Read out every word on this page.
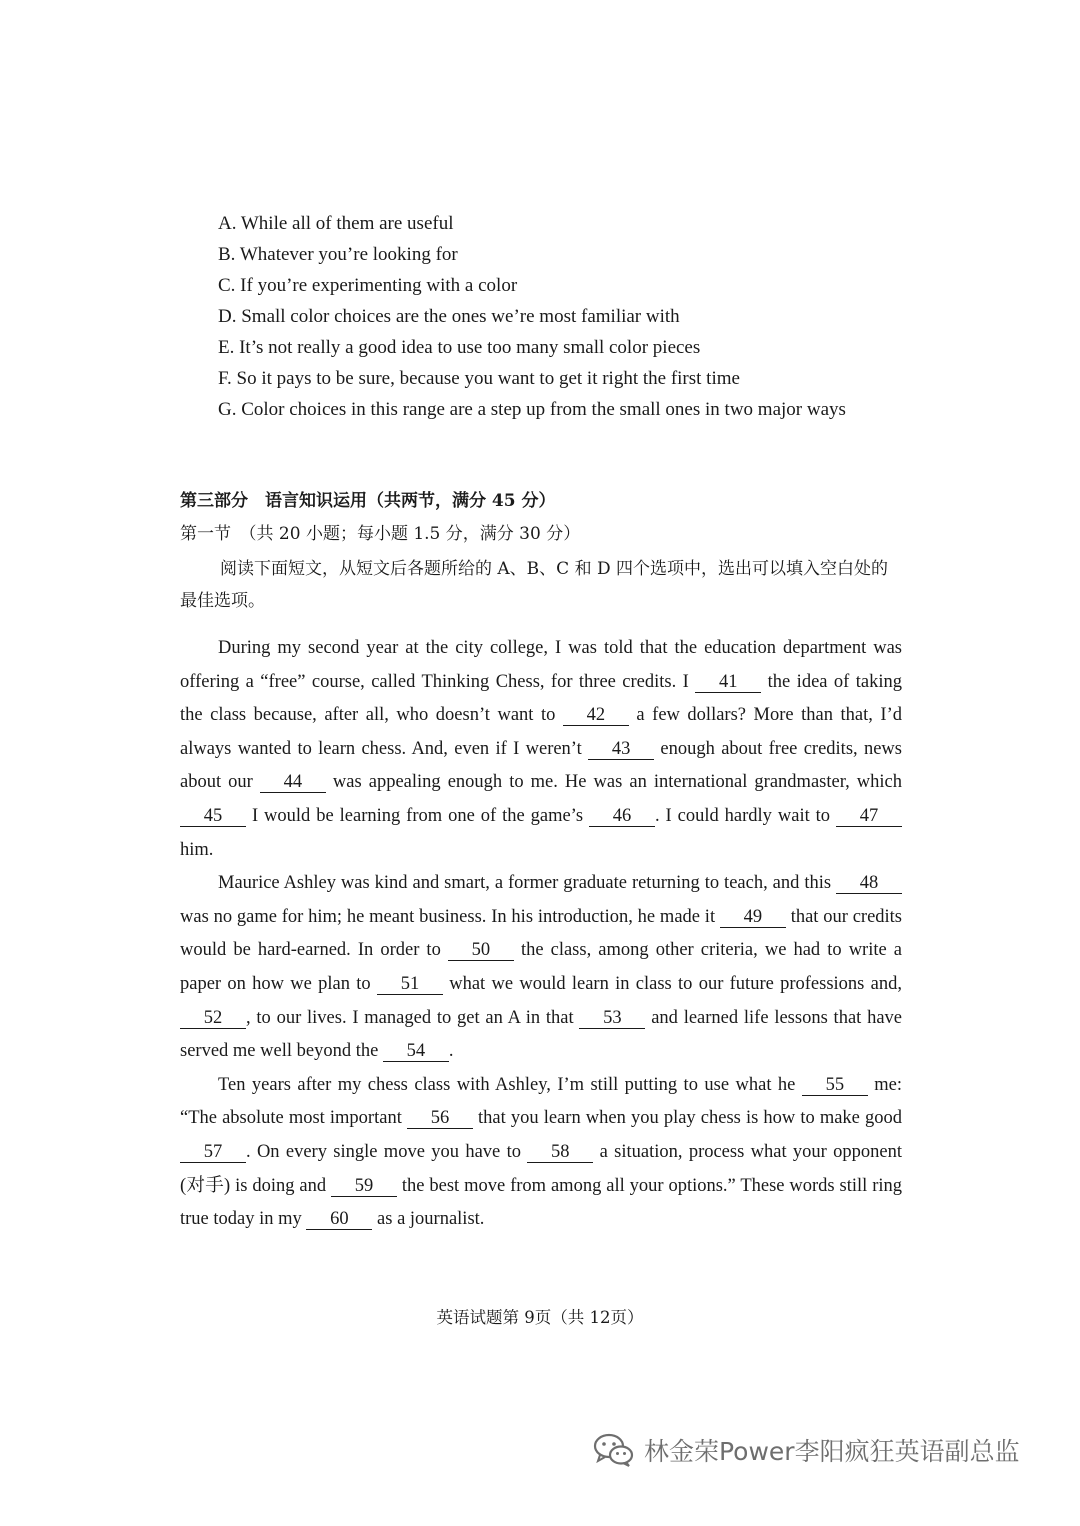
A. While all of them are useful
B. Whatever you’re looking for
C. If you’re experimenting with a color
D. Small color choices are the ones we’re most familiar with
E. It’s not really a good idea to use too many small color pieces
F. So it pays to be sure, because you want to get it right the first time
G. Color choices in this range are a step up from the small ones in two major ways
第三部分　语言知识运用（共两节，满分 45 分）
第一节　（共 20 小题；每小题 1.5 分，满分 30 分）
阅读下面短文，从短文后各题所给的 A、B、C 和 D 四个选项中，选出可以填入空白处的最佳选项。

During my second year at the city college, I was told that the education department was offering a “free” course, called Thinking Chess, for three credits. I 41 the idea of taking the class because, after all, who doesn’t want to 42 a few dollars? More than that, I’d always wanted to learn chess. And, even if I weren’t 43 enough about free credits, news about our 44 was appealing enough to me. He was an international grandmaster, which 45 I would be learning from one of the game’s 46 . I could hardly wait to 47 him.

Maurice Ashley was kind and smart, a former graduate returning to teach, and this 48 was no game for him; he meant business. In his introduction, he made it 49 that our credits would be hard-earned. In order to 50 the class, among other criteria, we had to write a paper on how we plan to 51 what we would learn in class to our future professions and, 52 , to our lives. I managed to get an A in that 53 and learned life lessons that have served me well beyond the 54 .

Ten years after my chess class with Ashley, I’m still putting to use what he 55 me: “The absolute most important 56 that you learn when you play chess is how to make good 57 . On every single move you have to 58 a situation, process what your opponent (对手) is doing and 59 the best move from among all your options.” These words still ring true today in my 60 as a journalist.

英语试题第 9页（共 12页）
林金荣Power李阳疯狂英语副总监
